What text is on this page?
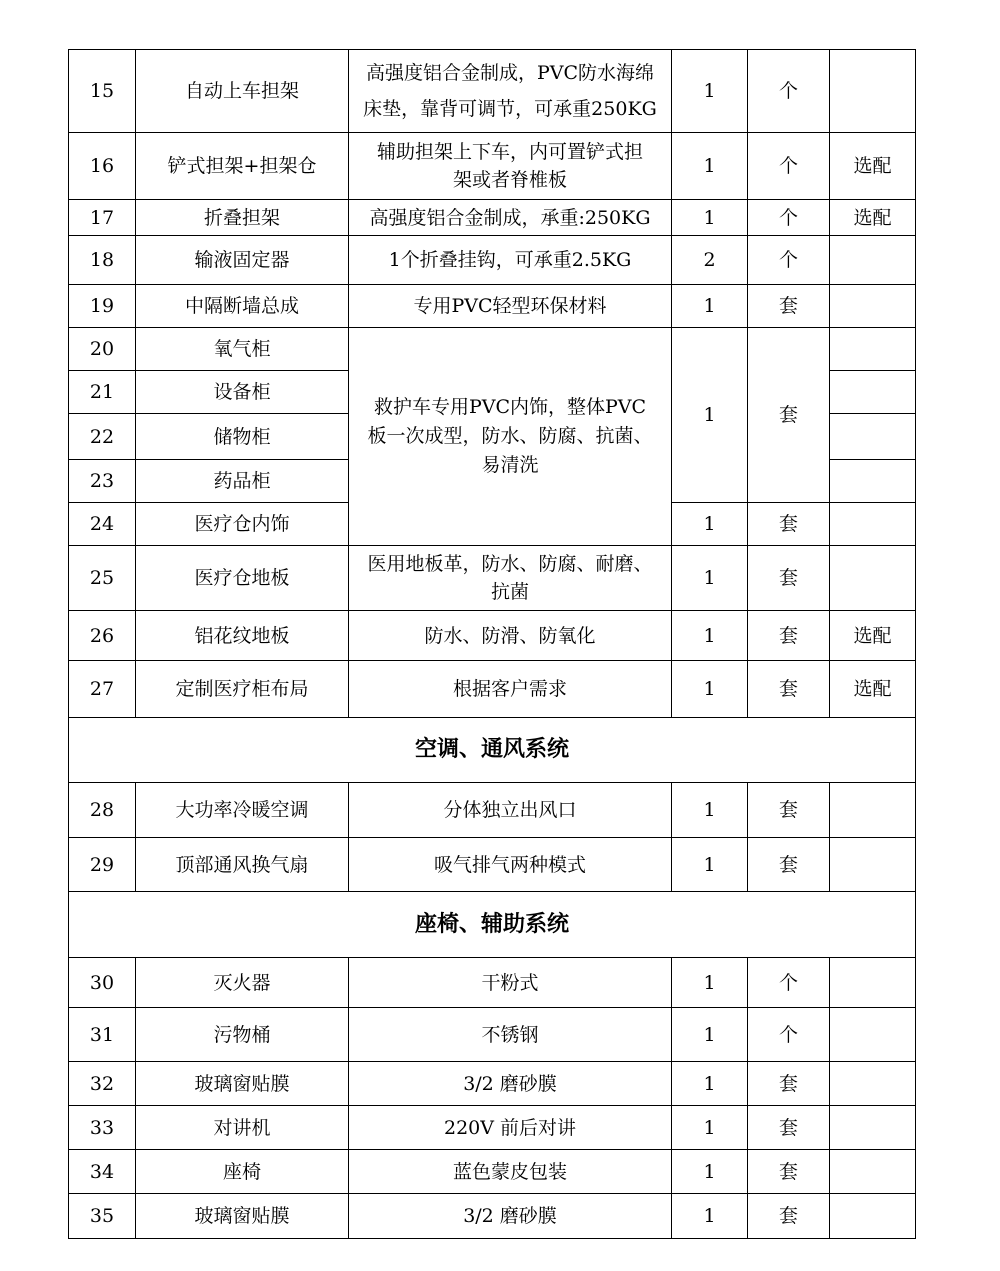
15	自动上车担架	高强度铝合金制成，PVC防水海绵
床垫，靠背可调节，可承重250KG	1	个	
16	铲式担架+担架仓	辅助担架上下车，内可置铲式担
架或者脊椎板	1	个	选配
17	折叠担架	高强度铝合金制成，承重:250KG	1	个	选配
18	输液固定器	1个折叠挂钩，可承重2.5KG	2	个	
19	中隔断墙总成	专用PVC轻型环保材料	1	套	
20	氧气柜	救护车专用PVC内饰，整体PVC
板一次成型，防水、防腐、抗菌、
易清洗	1	套	
21	设备柜				
22	储物柜				
23	药品柜				
24	医疗仓内饰		1	套	
25	医疗仓地板	医用地板革，防水、防腐、耐磨、
抗菌	1	套	
26	铝花纹地板	防水、防滑、防氧化	1	套	选配
27	定制医疗柜布局	根据客户需求	1	套	选配
空调、通风系统					
28	大功率冷暖空调	分体独立出风口	1	套	
29	顶部通风换气扇	吸气排气两种模式	1	套	
座椅、辅助系统					
30	灭火器	干粉式	1	个	
31	污物桶	不锈钢	1	个	
32	玻璃窗贴膜	3/2 磨砂膜	1	套	
33	对讲机	220V 前后对讲	1	套	
34	座椅	蓝色蒙皮包装	1	套	
35	玻璃窗贴膜	3/2 磨砂膜	1	套	
